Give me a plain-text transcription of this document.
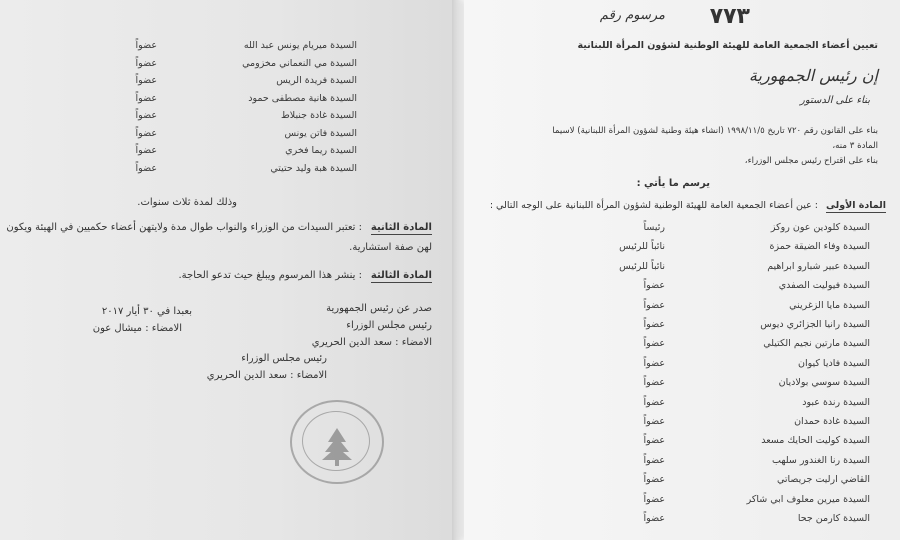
السيدة ميريام يونس عبد الله
عضواً
السيدة مي النعماني مخزومي
عضواً
السيدة فريدة الريس
عضواً
السيدة هانية مصطفى حمود
عضواً
السيدة غادة جنبلاط
عضواً
السيدة فاتن يونس
عضواً
السيدة ريما فخري
عضواً
السيدة هبة وليد حتيتي
عضواً
وذلك لمدة ثلاث سنوات.
المادة الثانية
: تعتبر السيدات من الوزراء والنواب طوال مدة ولايتهن أعضاء حكميين في الهيئة ويكون
لهن صفة استشارية.
المادة الثالثة
: ينشر هذا المرسوم ويبلغ حيث تدعو الحاجة.
صدر عن رئيس الجمهورية
رئيس مجلس الوزراء
الامضاء : سعد الدين الحريري
بعبدا في ٣٠ أيار ٢٠١٧
الامضاء : ميشال عون
رئيس مجلس الوزراء
الامضاء : سعد الدين الحريري
مرسوم رقم ٧٧٣
تعيين أعضاء الجمعية العامة للهيئة الوطنية لشؤون المرأة اللبنانية
إن رئيس الجمهورية
بناء على الدستور
بناء على القانون رقم ٧٢٠ تاريخ ١٩٩٨/١١/٥ (انشاء هيئة وطنية لشؤون المرأة اللبنانية) لاسيما
المادة ٣ منه،
بناء على اقتراح رئيس مجلس الوزراء،
يرسم ما يأتي :
المادة الأولى
: عين أعضاء الجمعية العامة للهيئة الوطنية لشؤون المرأة اللبنانية على الوجه التالي :
السيدة كلودين عون روكز
رئيساً
السيدة وفاء الضيقة حمزة
نائباً للرئيس
السيدة عبير شبارو ابراهيم
نائباً للرئيس
السيدة فيوليت الصفدي
عضواً
السيدة مايا الزغريني
عضواً
السيدة رانيا الجزائري ديوس
عضواً
السيدة مارتين نجيم الكتيلي
عضواً
السيدة فاديا كيوان
عضواً
السيدة سوسي بولاديان
عضواً
السيدة رندة عبود
عضواً
السيدة غادة حمدان
عضواً
السيدة كوليت الحايك مسعد
عضواً
السيدة رنا الغندور سلهب
عضواً
القاضي ارليت جريصاتي
عضواً
السيدة ميرين معلوف ابي شاكر
عضواً
السيدة كارمن جحا
عضواً
